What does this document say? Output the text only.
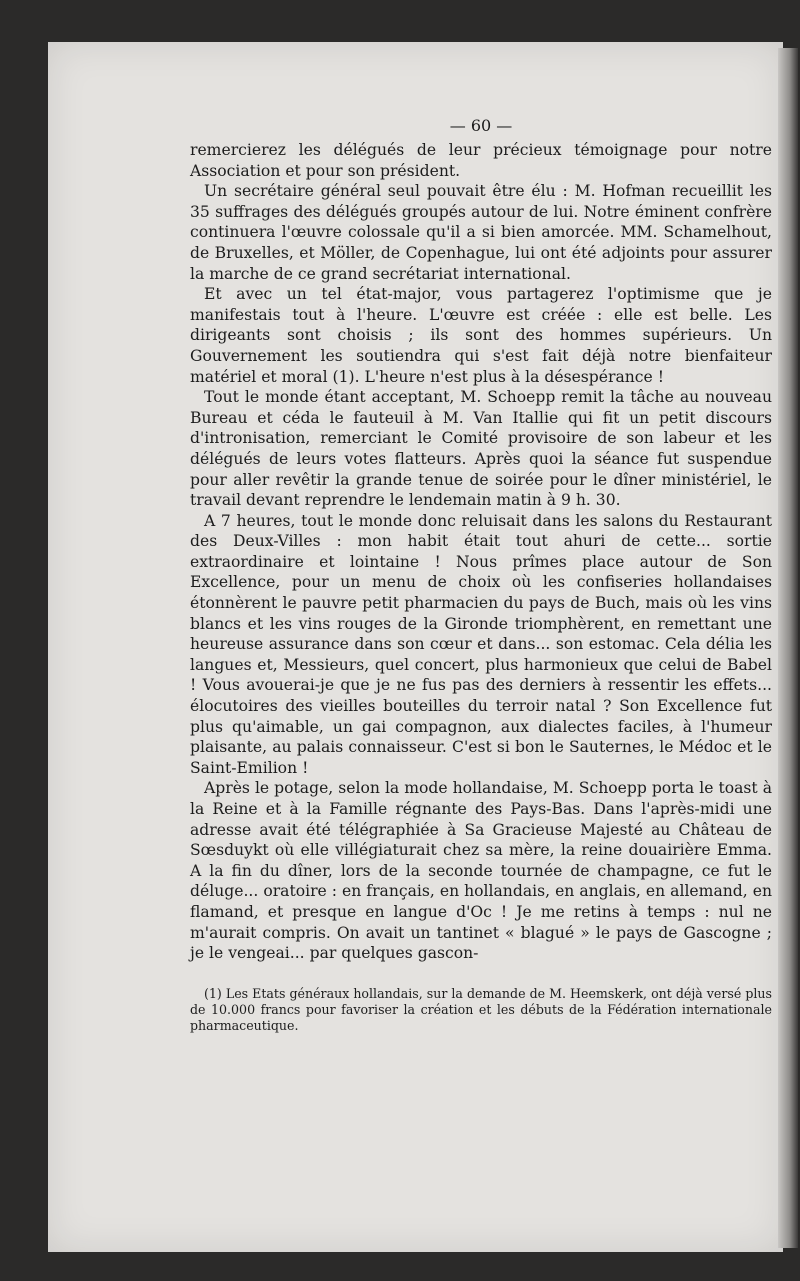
— 60 —

remercierez les délégués de leur précieux témoignage pour notre Association et pour son président.

Un secrétaire général seul pouvait être élu : M. Hofman recueillit les 35 suffrages des délégués groupés autour de lui. Notre éminent confrère continuera l'œuvre colossale qu'il a si bien amorcée. MM. Schamelhout, de Bruxelles, et Möller, de Copenhague, lui ont été adjoints pour assurer la marche de ce grand secrétariat international.

Et avec un tel état-major, vous partagerez l'optimisme que je manifestais tout à l'heure. L'œuvre est créée : elle est belle. Les dirigeants sont choisis ; ils sont des hommes supérieurs. Un Gouvernement les soutiendra qui s'est fait déjà notre bienfaiteur matériel et moral (1). L'heure n'est plus à la désespérance !

Tout le monde étant acceptant, M. Schoepp remit la tâche au nouveau Bureau et céda le fauteuil à M. Van Itallie qui fit un petit discours d'intronisation, remerciant le Comité provisoire de son labeur et les délégués de leurs votes flatteurs. Après quoi la séance fut suspendue pour aller revêtir la grande tenue de soirée pour le dîner ministériel, le travail devant reprendre le lendemain matin à 9 h. 30.

A 7 heures, tout le monde donc reluisait dans les salons du Restaurant des Deux-Villes : mon habit était tout ahuri de cette... sortie extraordinaire et lointaine ! Nous prîmes place autour de Son Excellence, pour un menu de choix où les confiseries hollandaises étonnèrent le pauvre petit pharmacien du pays de Buch, mais où les vins blancs et les vins rouges de la Gironde triomphèrent, en remettant une heureuse assurance dans son cœur et dans... son estomac. Cela délia les langues et, Messieurs, quel concert, plus harmonieux que celui de Babel ! Vous avouerai-je que je ne fus pas des derniers à ressentir les effets... élocutoires des vieilles bouteilles du terroir natal ? Son Excellence fut plus qu'aimable, un gai compagnon, aux dialectes faciles, à l'humeur plaisante, au palais connaisseur. C'est si bon le Sauternes, le Médoc et le Saint-Emilion !

Après le potage, selon la mode hollandaise, M. Schoepp porta le toast à la Reine et à la Famille régnante des Pays-Bas. Dans l'après-midi une adresse avait été télégraphiée à Sa Gracieuse Majesté au Château de Sœsduykt où elle villégiaturait chez sa mère, la reine douairière Emma. A la fin du dîner, lors de la seconde tournée de champagne, ce fut le déluge... oratoire : en français, en hollandais, en anglais, en allemand, en flamand, et presque en langue d'Oc ! Je me retins à temps : nul ne m'aurait compris. On avait un tantinet « blagué » le pays de Gascogne ; je le vengeai... par quelques gascon-

(1) Les Etats généraux hollandais, sur la demande de M. Heemskerk, ont déjà versé plus de 10.000 francs pour favoriser la création et les débuts de la Fédération internationale pharmaceutique.
